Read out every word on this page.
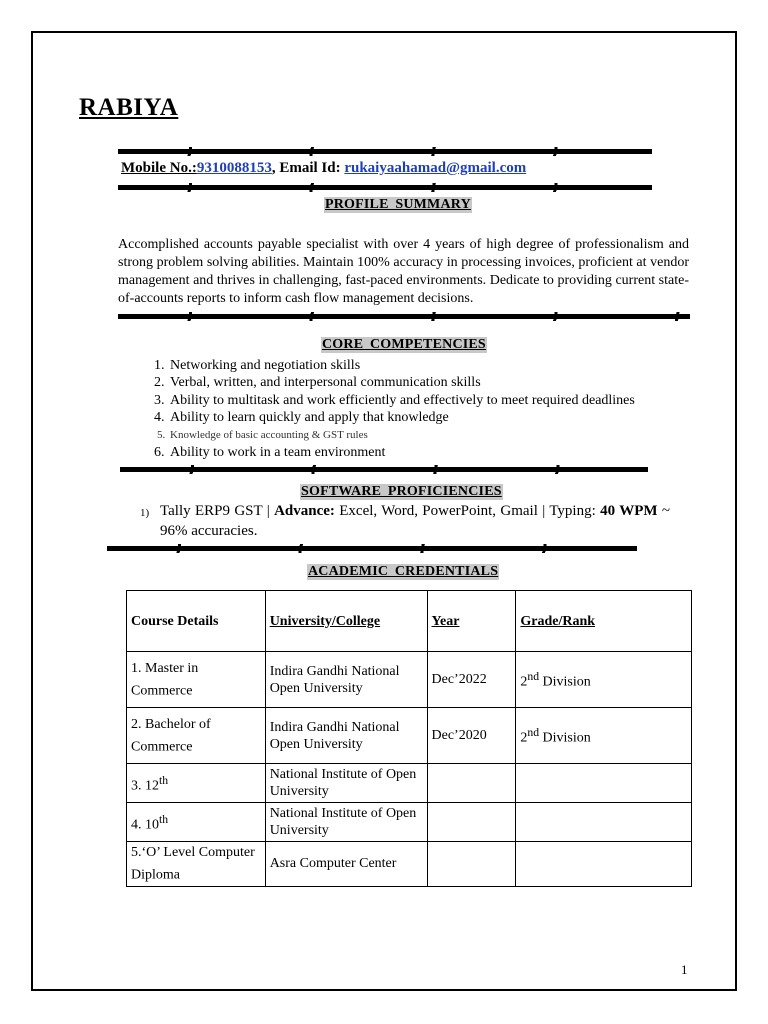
RABIYA
Mobile No.:9310088153, Email Id: rukaiyaahamad@gmail.com
PROFILE SUMMARY

Accomplished accounts payable specialist with over 4 years of high degree of professionalism and strong problem solving abilities. Maintain 100% accuracy in processing invoices, proficient at vendor management and thrives in challenging, fast-paced environments. Dedicate to providing current state-of-accounts reports to inform cash flow management decisions.

CORE COMPETENCIES
1. Networking and negotiation skills
2. Verbal, written, and interpersonal communication skills
3. Ability to multitask and work efficiently and effectively to meet required deadlines
4. Ability to learn quickly and apply that knowledge
5. Knowledge of basic accounting & GST rules
6. Ability to work in a team environment
SOFTWARE PROFICIENCIES
1) Tally ERP9 GST | Advance: Excel, Word, PowerPoint, Gmail | Typing: 40 WPM ~ 96% accuracies.
ACADEMIC CREDENTIALS
Course Details	University/College	Year	Grade/Rank
1. Master in Commerce	Indira Gandhi National Open University	Dec’2022	2nd Division
2. Bachelor of Commerce	Indira Gandhi National Open University	Dec’2020	2nd Division
3. 12th	National Institute of Open University		
4. 10th	National Institute of Open University		
5.‘O’ Level Computer Diploma	Asra Computer Center		
1
